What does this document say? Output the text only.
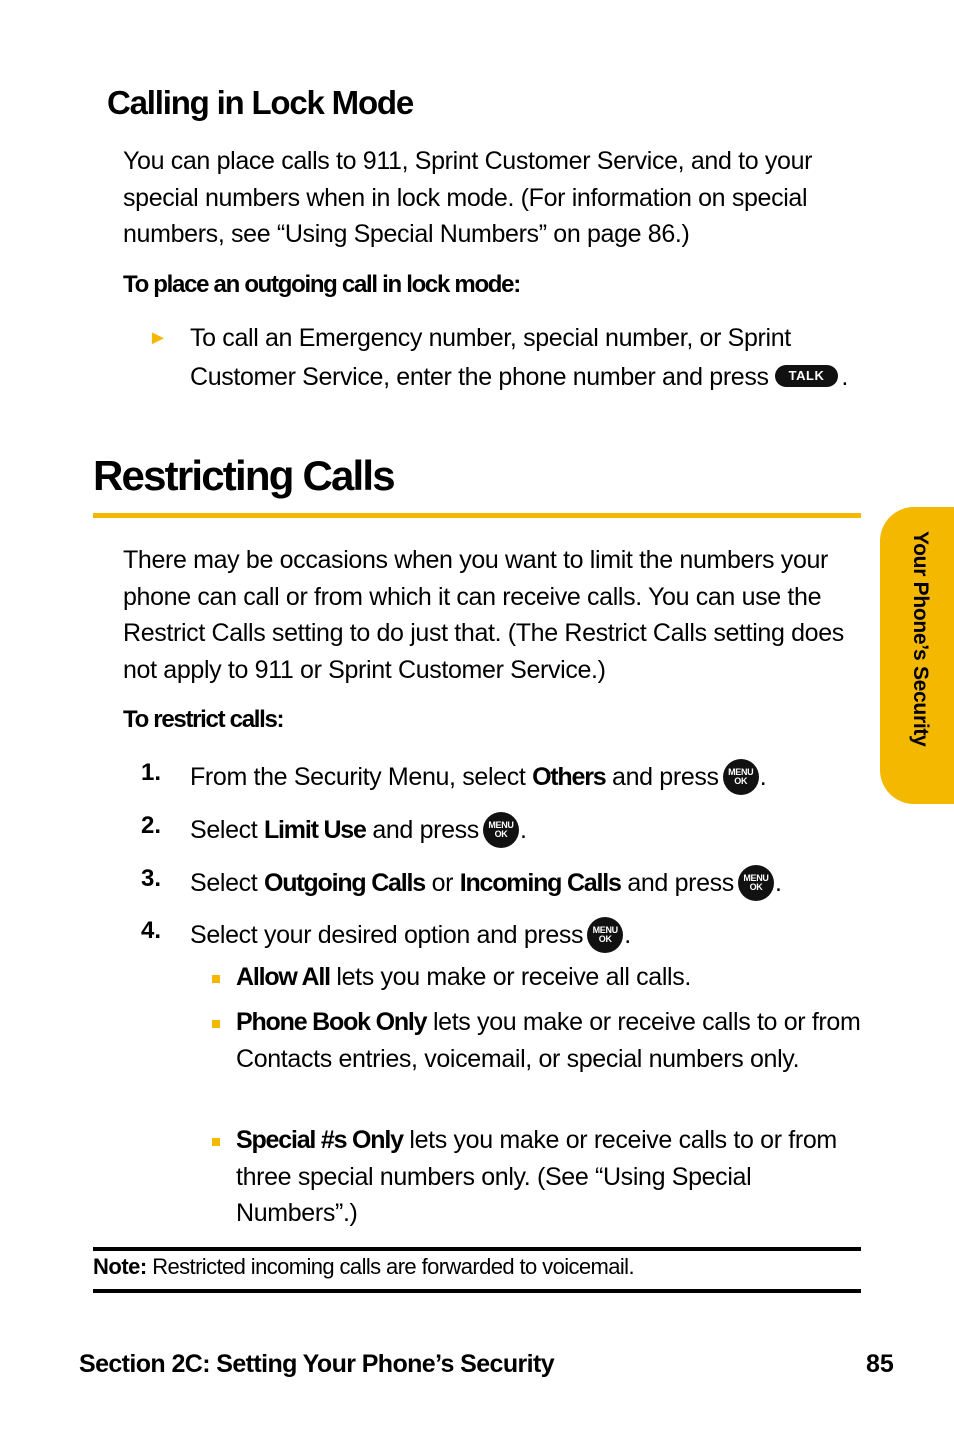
Calling in Lock Mode

You can place calls to 911, Sprint Customer Service, and to your special numbers when in lock mode. (For information on special numbers, see “Using Special Numbers” on page 86.)

To place an outgoing call in lock mode:

► To call an Emergency number, special number, or Sprint Customer Service, enter the phone number and press TALK .
Restricting Calls
Your Phone’s Security

There may be occasions when you want to limit the numbers your phone can call or from which it can receive calls. You can use the Restrict Calls setting to do just that. (The Restrict Calls setting does not apply to 911 or Sprint Customer Service.)

To restrict calls:

1. From the Security Menu, select Others and press	MENU
OK .
2. Select Limit Use and press	MENU
OK .
3. Select Outgoing Calls or Incoming Calls and press	MENU
OK .
4. Select your desired option and press	MENU
OK .
Allow All lets you make or receive all calls.
Phone Book Only lets you make or receive calls to or from Contacts entries, voicemail, or special numbers only.
Special #s Only lets you make or receive calls to or from three special numbers only. (See “Using Special Numbers”.)
Note: Restricted incoming calls are forwarded to voicemail.
Section 2C: Setting Your Phone’s Security	85
